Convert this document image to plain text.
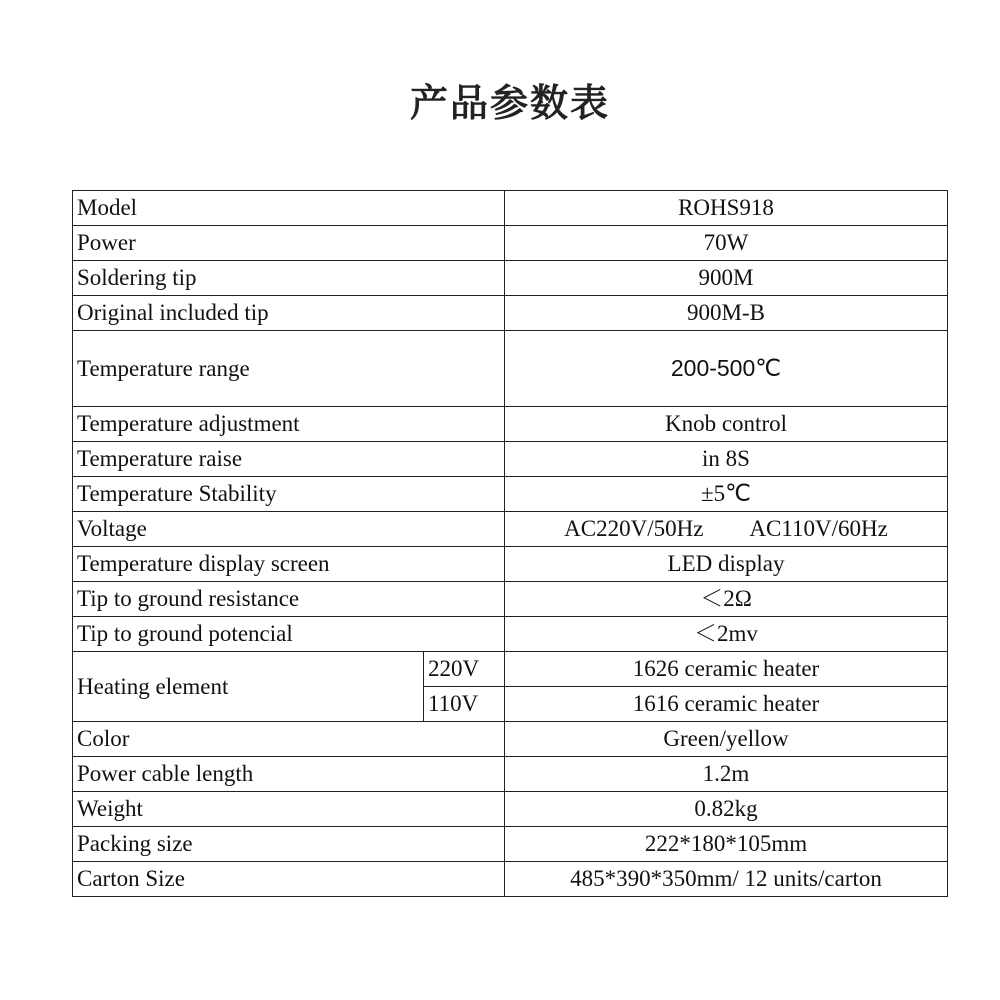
产品参数表
Model		ROHS918
Power		70W
Soldering tip		900M
Original included tip		900M-B
Temperature range		200-500℃
Temperature adjustment		Knob control
Temperature raise		in 8S
Temperature Stability		±5℃
Voltage		AC220V/50Hz AC110V/60Hz
Temperature display screen		LED display
Tip to ground resistance		＜2Ω
Tip to ground potencial		＜2mv
Heating element	220V	1626 ceramic heater
	110V	1616 ceramic heater
Color		Green/yellow
Power cable length		1.2m
Weight		0.82kg
Packing size		222*180*105mm
Carton Size		485*390*350mm/ 12 units/carton
